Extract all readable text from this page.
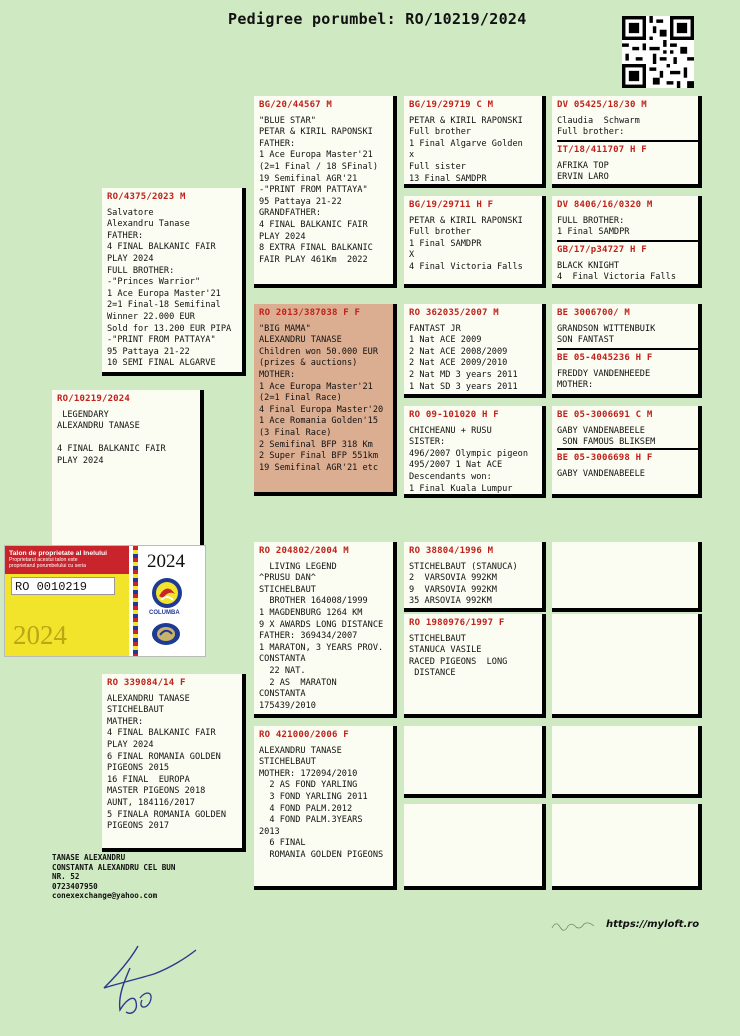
Pedigree porumbel: RO/10219/2024
RO/10219/2024
LEGENDARY
ALEXANDRU TANASE

4 FINAL BALKANIC FAIR
PLAY 2024
RO/4375/2023 M
Salvatore
Alexandru Tanase
FATHER:
4 FINAL BALKANIC FAIR
PLAY 2024
FULL BROTHER:
-"Princes Warrior"
1 Ace Europa Master'21
2=1 Final-18 Semifinal
Winner 22.000 EUR
Sold for 13.200 EUR PIPA
-"PRINT FROM PATTAYA"
95 Pattaya 21-22
10 SEMI FINAL ALGARVE
RO 339084/14 F
ALEXANDRU TANASE
STICHELBAUT
MATHER:
4 FINAL BALKANIC FAIR
PLAY 2024
6 FINAL ROMANIA GOLDEN
PIGEONS 2015
16 FINAL  EUROPA
MASTER PIGEONS 2018
AUNT, 184116/2017
5 FINALA ROMANIA GOLDEN
PIGEONS 2017
BG/20/44567 M
"BLUE STAR"
PETAR & KIRIL RAPONSKI
FATHER:
1 Ace Europa Master'21
(2=1 Final / 18 SFinal)
19 Semifinal AGR'21
-"PRINT FROM PATTAYA"
95 Pattaya 21-22
GRANDFATHER:
4 FINAL BALKANIC FAIR
PLAY 2024
8 EXTRA FINAL BALKANIC
FAIR PLAY 461Km  2022
RO 2013/387038 F F
"BIG MAMA"
ALEXANDRU TANASE
Children won 50.000 EUR
(prizes & auctions)
MOTHER:
1 Ace Europa Master'21
(2=1 Final Race)
4 Final Europa Master'20
1 Ace Romania Golden'15
(3 Final Race)
2 Semifinal BFP 318 Km
2 Super Final BFP 551km
19 Semifinal AGR'21 etc
RO 204802/2004 M
LIVING LEGEND
^PRUSU DAN^
STICHELBAUT
BROTHER 164008/1999
1 MAGDENBURG 1264 KM
9 X AWARDS LONG DISTANCE
FATHER: 369434/2007
1 MARATON, 3 YEARS PROV.
CONSTANTA
22 NAT.
2 AS  MARATON CONSTANTA
175439/2010
RO 421000/2006 F
ALEXANDRU TANASE
STICHELBAUT
MOTHER: 172094/2010
2 AS FOND YARLING
3 FOND YARLING 2011
4 FOND PALM.2012
4 FOND PALM.3YEARS 2013
6 FINAL
ROMANIA GOLDEN PIGEONS
BG/19/29719 C M
PETAR & KIRIL RAPONSKI
Full brother
1 Final Algarve Golden
x
Full sister
13 Final SAMDPR
BG/19/29711 H F
PETAR & KIRIL RAPONSKI
Full brother
1 Final SAMDPR
X
4 Final Victoria Falls
RO 362035/2007 M
FANTAST JR
1 Nat ACE 2009
2 Nat ACE 2008/2009
2 Nat ACE 2009/2010
2 Nat MD 3 years 2011
1 Nat SD 3 years 2011
RO 09-101020 H F
CHICHEANU + RUSU
SISTER:
496/2007 Olympic pigeon
495/2007 1 Nat ACE
Descendants won:
1 Final Kuala Lumpur
RO 38804/1996 M
STICHELBAUT (STANUCA)
2  VARSOVIA 992KM
9  VARSOVIA 992KM
35 ARSOVIA 992KM

RO 1980976/1997 F
STICHELBAUT
STANUCA VASILE
RACED PIGEONS  LONG
DISTANCE
DV 05425/18/30 M
Claudia  Schwarm
Full brother:
IT/18/411707 H F
AFRIKA TOP
ERVIN LARO
DV 8406/16/0320 M
FULL BROTHER:
1 Final SAMDPR
GB/17/p34727 H F
BLACK KNIGHT
4  Final Victoria Falls
BE 3006700/ M
GRANDSON WITTENBUIK
SON FANTAST
BE 05-4045236 H F
FREDDY VANDENHEEDE
MOTHER:
BE 05-3006691 C M
GABY VANDENABEELE
SON FAMOUS BLIKSEM
BE 05-3006698 H F
GABY VANDENABEELE
Talon de proprietate al Inelului
Proprietarul acestui talon este
proprietarul porumbelului cu seria
RO 0010219
2024
2024
COLUMBA
TANASE ALEXANDRU
CONSTANTA ALEXANDRU CEL BUN
NR. 52
0723407950
conexexchange@yahoo.com
https://myloft.ro
